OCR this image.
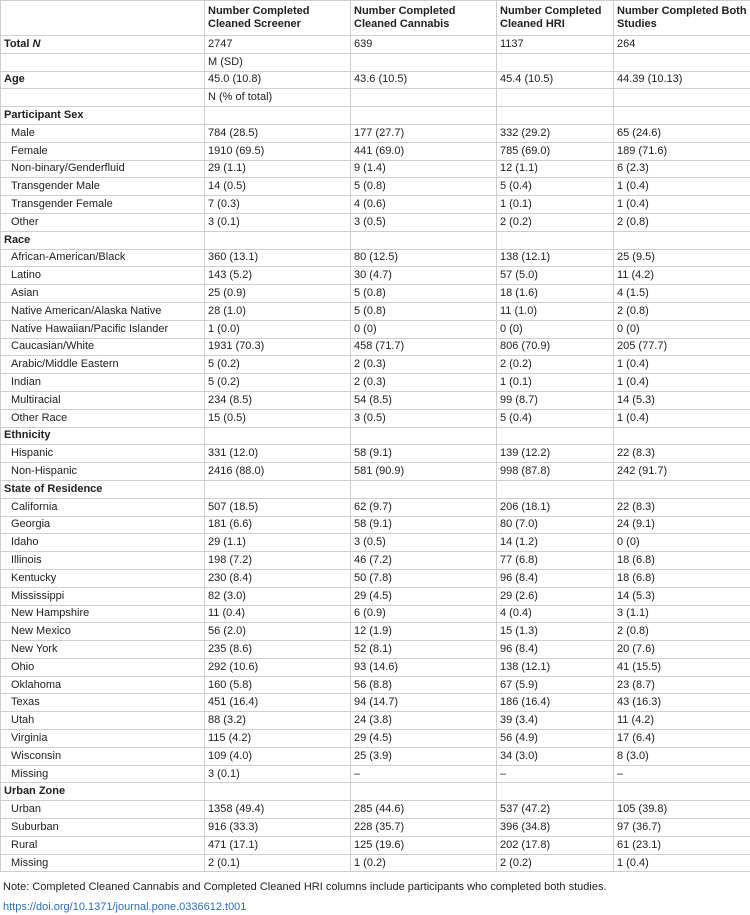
	Number Completed Cleaned Screener	Number Completed Cleaned Cannabis	Number Completed Cleaned HRI	Number Completed Both Studies
Total N	2747	639	1137	264
	M (SD)			
Age	45.0 (10.8)	43.6 (10.5)	45.4 (10.5)	44.39 (10.13)
	N (% of total)			
Participant Sex				
Male	784 (28.5)	177 (27.7)	332 (29.2)	65 (24.6)
Female	1910 (69.5)	441 (69.0)	785 (69.0)	189 (71.6)
Non-binary/Genderfluid	29 (1.1)	9 (1.4)	12 (1.1)	6 (2.3)
Transgender Male	14 (0.5)	5 (0.8)	5 (0.4)	1 (0.4)
Transgender Female	7 (0.3)	4 (0.6)	1 (0.1)	1 (0.4)
Other	3 (0.1)	3 (0.5)	2 (0.2)	2 (0.8)
Race				
African-American/Black	360 (13.1)	80 (12.5)	138 (12.1)	25 (9.5)
Latino	143 (5.2)	30 (4.7)	57 (5.0)	11 (4.2)
Asian	25 (0.9)	5 (0.8)	18 (1.6)	4 (1.5)
Native American/Alaska Native	28 (1.0)	5 (0.8)	11 (1.0)	2 (0.8)
Native Hawaiian/Pacific Islander	1 (0.0)	0 (0)	0 (0)	0 (0)
Caucasian/White	1931 (70.3)	458 (71.7)	806 (70.9)	205 (77.7)
Arabic/Middle Eastern	5 (0.2)	2 (0.3)	2 (0.2)	1 (0.4)
Indian	5 (0.2)	2 (0.3)	1 (0.1)	1 (0.4)
Multiracial	234 (8.5)	54 (8.5)	99 (8.7)	14 (5.3)
Other Race	15 (0.5)	3 (0.5)	5 (0.4)	1 (0.4)
Ethnicity				
Hispanic	331 (12.0)	58 (9.1)	139 (12.2)	22 (8.3)
Non-Hispanic	2416 (88.0)	581 (90.9)	998 (87.8)	242 (91.7)
State of Residence				
California	507 (18.5)	62 (9.7)	206 (18.1)	22 (8.3)
Georgia	181 (6.6)	58 (9.1)	80 (7.0)	24 (9.1)
Idaho	29 (1.1)	3 (0.5)	14 (1.2)	0 (0)
Illinois	198 (7.2)	46 (7.2)	77 (6.8)	18 (6.8)
Kentucky	230 (8.4)	50 (7.8)	96 (8.4)	18 (6.8)
Mississippi	82 (3.0)	29 (4.5)	29 (2.6)	14 (5.3)
New Hampshire	11 (0.4)	6 (0.9)	4 (0.4)	3 (1.1)
New Mexico	56 (2.0)	12 (1.9)	15 (1.3)	2 (0.8)
New York	235 (8.6)	52 (8.1)	96 (8.4)	20 (7.6)
Ohio	292 (10.6)	93 (14.6)	138 (12.1)	41 (15.5)
Oklahoma	160 (5.8)	56 (8.8)	67 (5.9)	23 (8.7)
Texas	451 (16.4)	94 (14.7)	186 (16.4)	43 (16.3)
Utah	88 (3.2)	24 (3.8)	39 (3.4)	11 (4.2)
Virginia	115 (4.2)	29 (4.5)	56 (4.9)	17 (6.4)
Wisconsin	109 (4.0)	25 (3.9)	34 (3.0)	8 (3.0)
Missing	3 (0.1)	–	–	–
Urban Zone				
Urban	1358 (49.4)	285 (44.6)	537 (47.2)	105 (39.8)
Suburban	916 (33.3)	228 (35.7)	396 (34.8)	97 (36.7)
Rural	471 (17.1)	125 (19.6)	202 (17.8)	61 (23.1)
Missing	2 (0.1)	1 (0.2)	2 (0.2)	1 (0.4)
Note: Completed Cleaned Cannabis and Completed Cleaned HRI columns include participants who completed both studies.
https://doi.org/10.1371/journal.pone.0336612.t001
